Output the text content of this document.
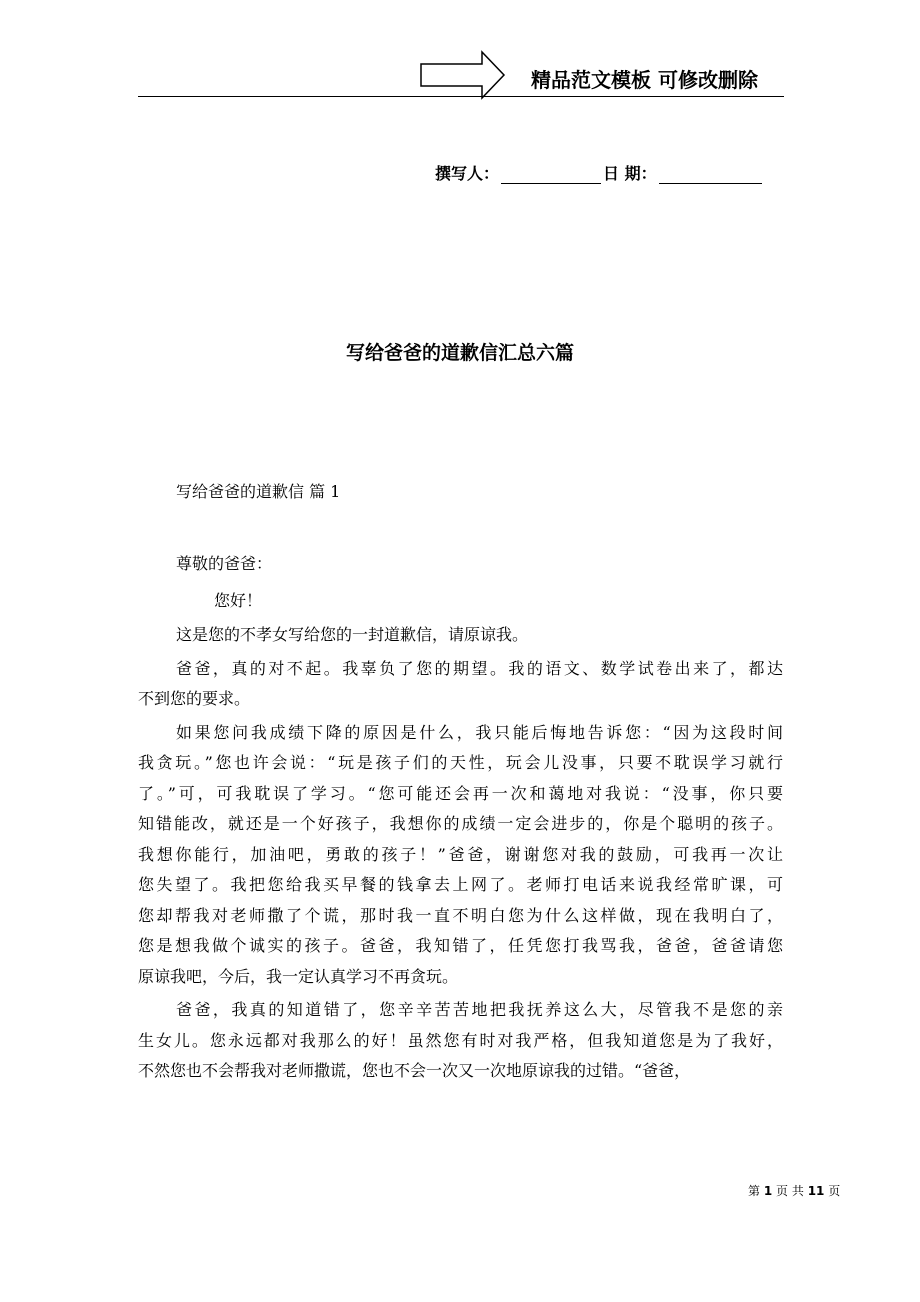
精品范文模板 可修改删除
撰写人：	日 期：
写给爸爸的道歉信汇总六篇
写给爸爸的道歉信 篇 1
尊敬的爸爸：
您好！
这是您的不孝女写给您的一封道歉信，请原谅我。
爸爸，真的对不起。我辜负了您的期望。我的语文、数学试卷出来了，都达
不到您的要求。
如果您问我成绩下降的原因是什么，我只能后悔地告诉您：“因为这段时间
我贪玩。”您也许会说：“玩是孩子们的天性，玩会儿没事，只要不耽误学习就行
了。”可，可我耽误了学习。“您可能还会再一次和蔼地对我说：“没事，你只要
知错能改，就还是一个好孩子，我想你的成绩一定会进步的，你是个聪明的孩子。
我想你能行，加油吧，勇敢的孩子！”爸爸，谢谢您对我的鼓励，可我再一次让
您失望了。我把您给我买早餐的钱拿去上网了。老师打电话来说我经常旷课，可
您却帮我对老师撒了个谎，那时我一直不明白您为什么这样做，现在我明白了，
您是想我做个诚实的孩子。爸爸，我知错了，任凭您打我骂我，爸爸，爸爸请您
原谅我吧，今后，我一定认真学习不再贪玩。
爸爸，我真的知道错了，您辛辛苦苦地把我抚养这么大，尽管我不是您的亲
生女儿。您永远都对我那么的好！虽然您有时对我严格，但我知道您是为了我好，
不然您也不会帮我对老师撒谎，您也不会一次又一次地原谅我的过错。“爸爸，
第 1 页 共 11 页
